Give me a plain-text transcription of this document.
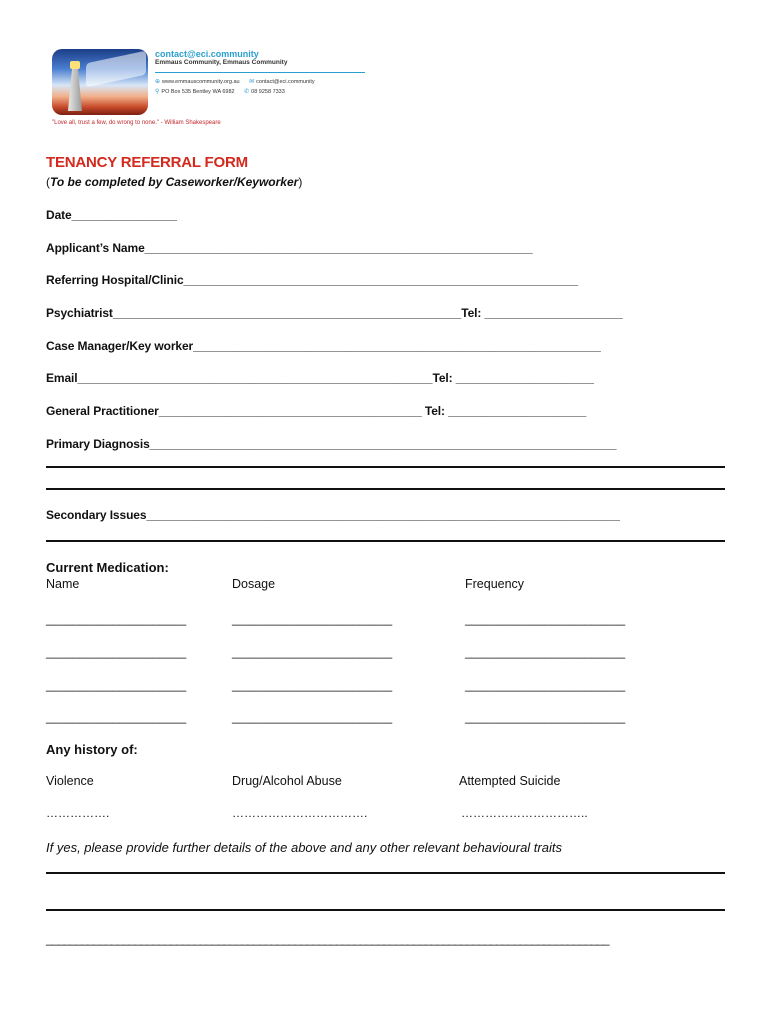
contact@eci.community
Emmaus Community, Emmaus Community
⊕ www.emmauscommunity.org.au ✉ contact@eci.community
⚲ PO Box 535 Bentley WA 6982 ✆ 08 9258 7333
"Love all, trust a few, do wrong to none." - William Shakespeare
TENANCY REFERRAL FORM
(To be completed by Caseworker/Keyworker)
Date________________
Applicant’s Name___________________________________________________________
Referring Hospital/Clinic____________________________________________________________
Psychiatrist_____________________________________________________Tel: _____________________
Case Manager/Key worker______________________________________________________________
Email______________________________________________________Tel: _____________________
General Practitioner________________________________________ Tel: _____________________
Primary Diagnosis_______________________________________________________________________
Secondary Issues________________________________________________________________________
Current Medication:
Name	Dosage	Frequency
_____________________	________________________	________________________
_____________________	________________________	________________________
_____________________	________________________	________________________
_____________________	________________________	________________________
Any history of:
Violence	Drug/Alcohol Abuse	Attempted Suicide
…………….	…………………………….	…………………………..
If yes, please provide further details of the above and any other relevant behavioural traits
_______________________________________________________________________________________________
